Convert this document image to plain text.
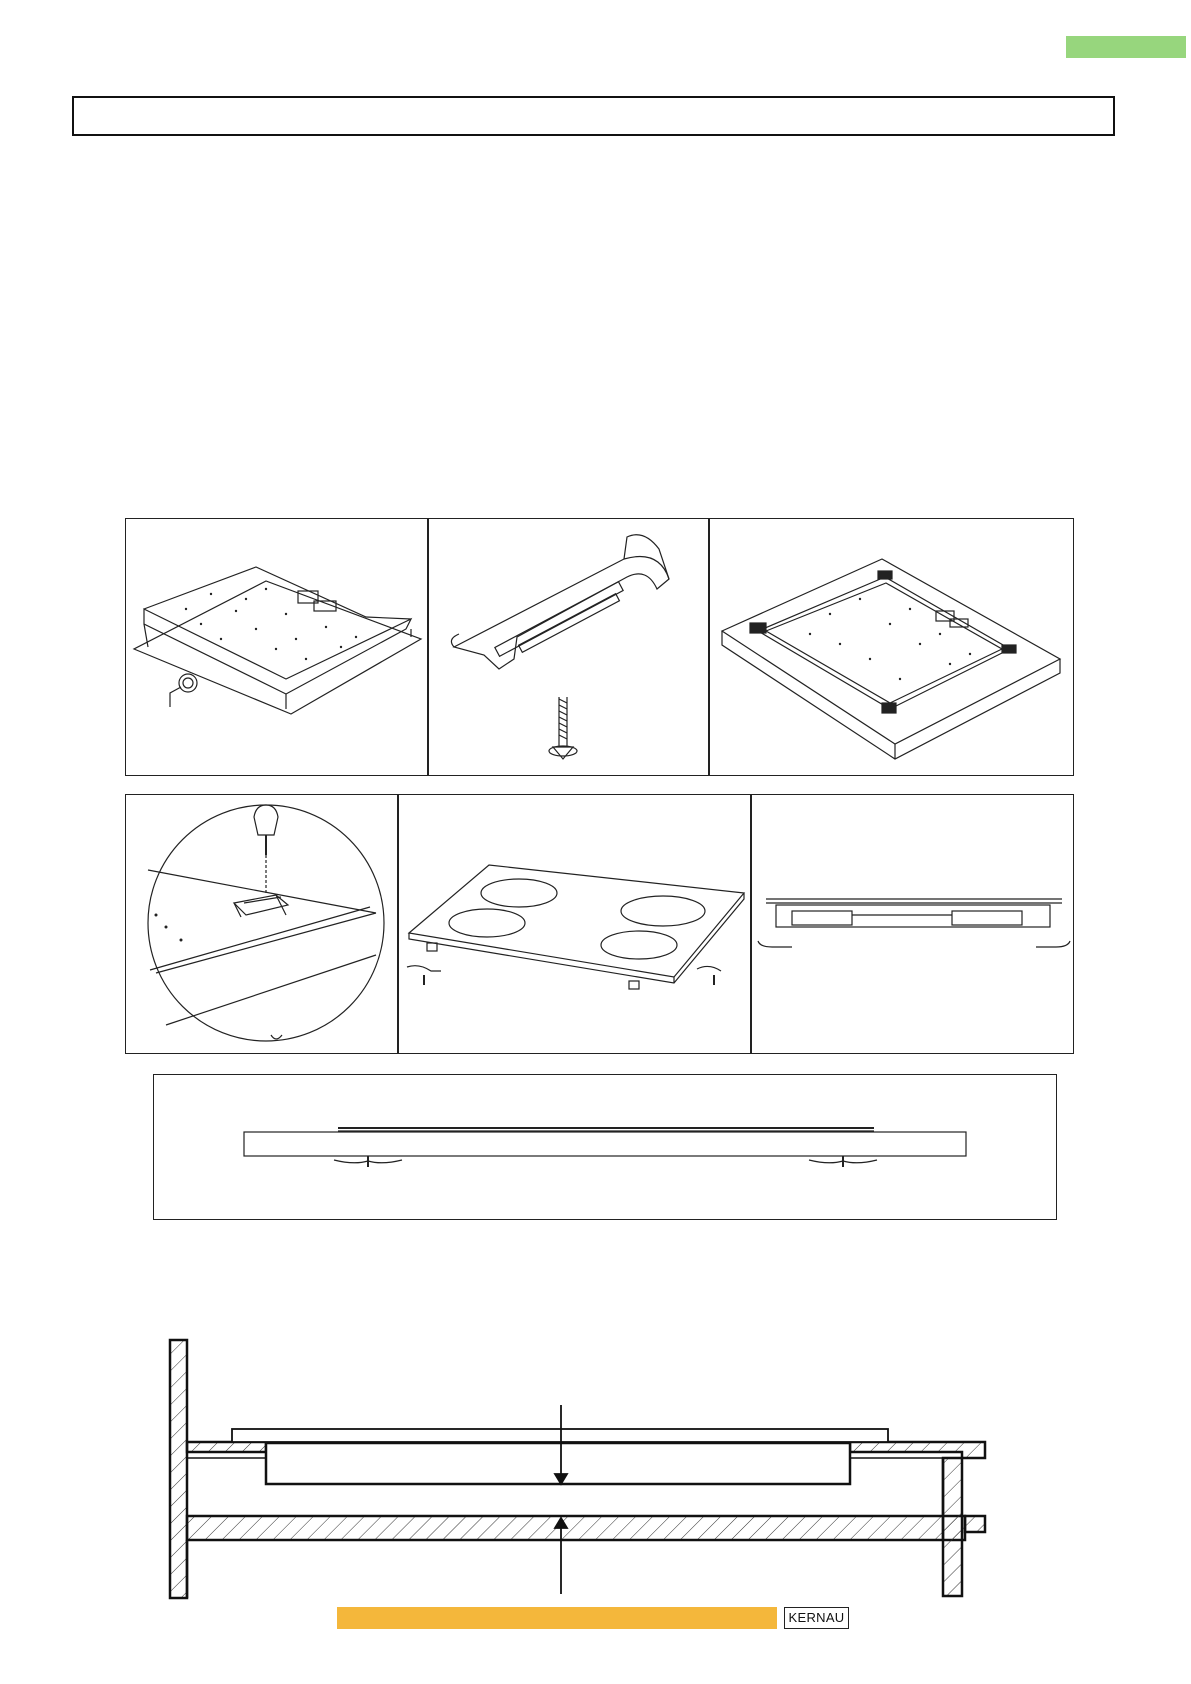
KERNAU
